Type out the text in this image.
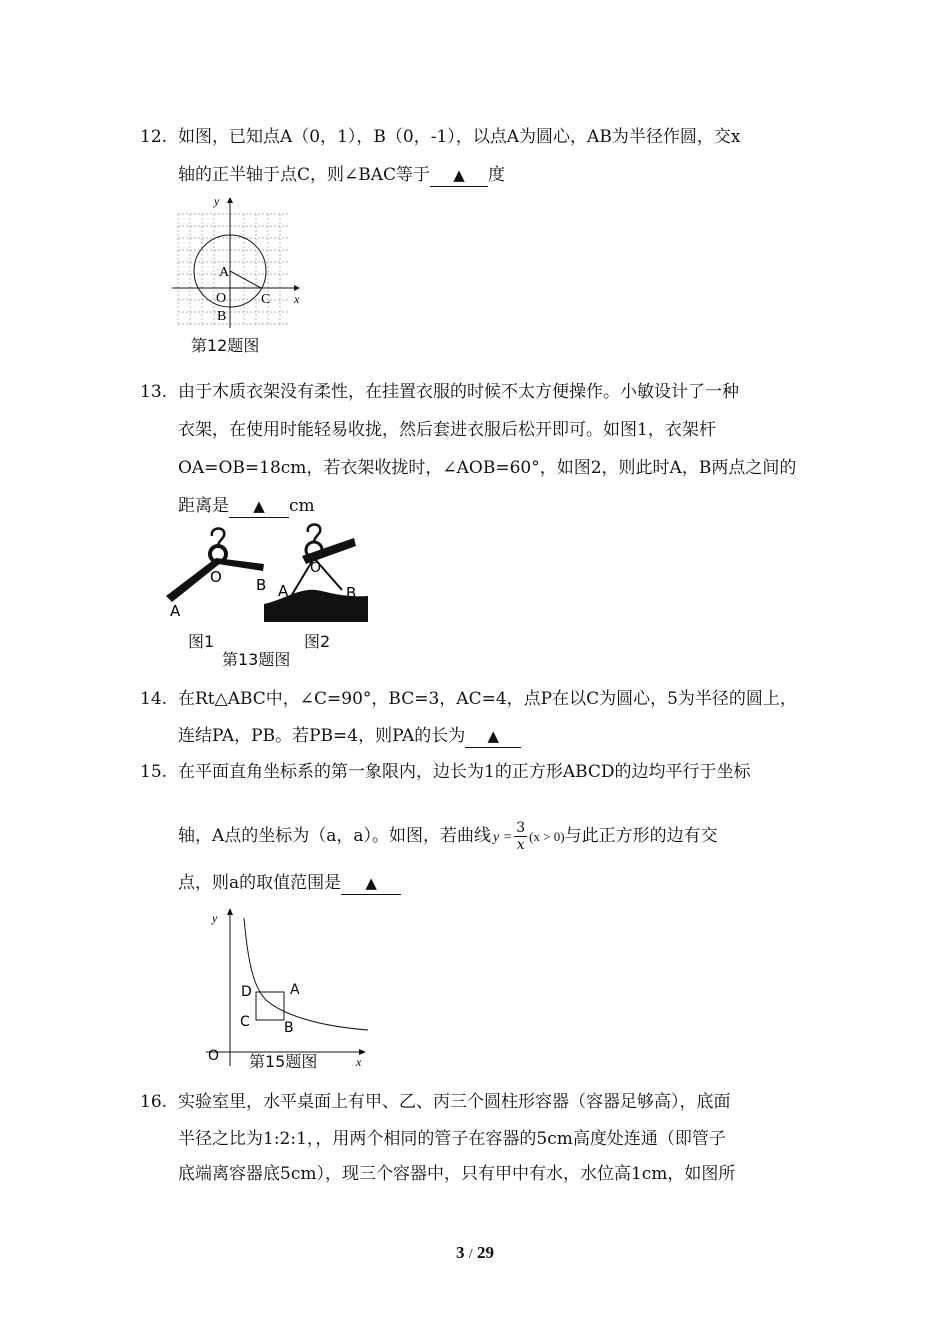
12. 如图，已知点A（0，1），B（0，-1），以点A为圆心，AB为半径作圆，交x
轴的正半轴于点C，则∠BAC等于 ▲ 度
y
x
A
O C
B
第12题图
13. 由于木质衣架没有柔性，在挂置衣服的时候不太方便操作。小敏设计了一种
衣架，在使用时能轻易收拢，然后套进衣服后松开即可。如图1，衣架杆
OA=OB=18cm，若衣架收拢时，∠AOB=60°，如图2，则此时A，B两点之间的
距离是 ▲ cm
O
A
B
O
A	B
图1	图2
第13题图
14. 在Rt△ABC中，∠C=90°，BC=3，AC=4，点P在以C为圆心，5为半径的圆上，
连结PA，PB。若PB=4，则PA的长为 ▲
15. 在平面直角坐标系的第一象限内，边长为1的正方形ABCD的边均平行于坐标
轴，A点的坐标为（a，a）。如图，若曲线 $y = \frac{3}{x} (x > 0)$与此正方形的边有交
点，则a的取值范围是 ▲
y
x
O
D	A
C B
第15题图
16. 实验室里，水平桌面上有甲、乙、丙三个圆柱形容器（容器足够高），底面
半径之比为1:2:1，，用两个相同的管子在容器的5cm高度处连通（即管子
底端离容器底5cm），现三个容器中，只有甲中有水，水位高1cm，如图所
3 / 29
